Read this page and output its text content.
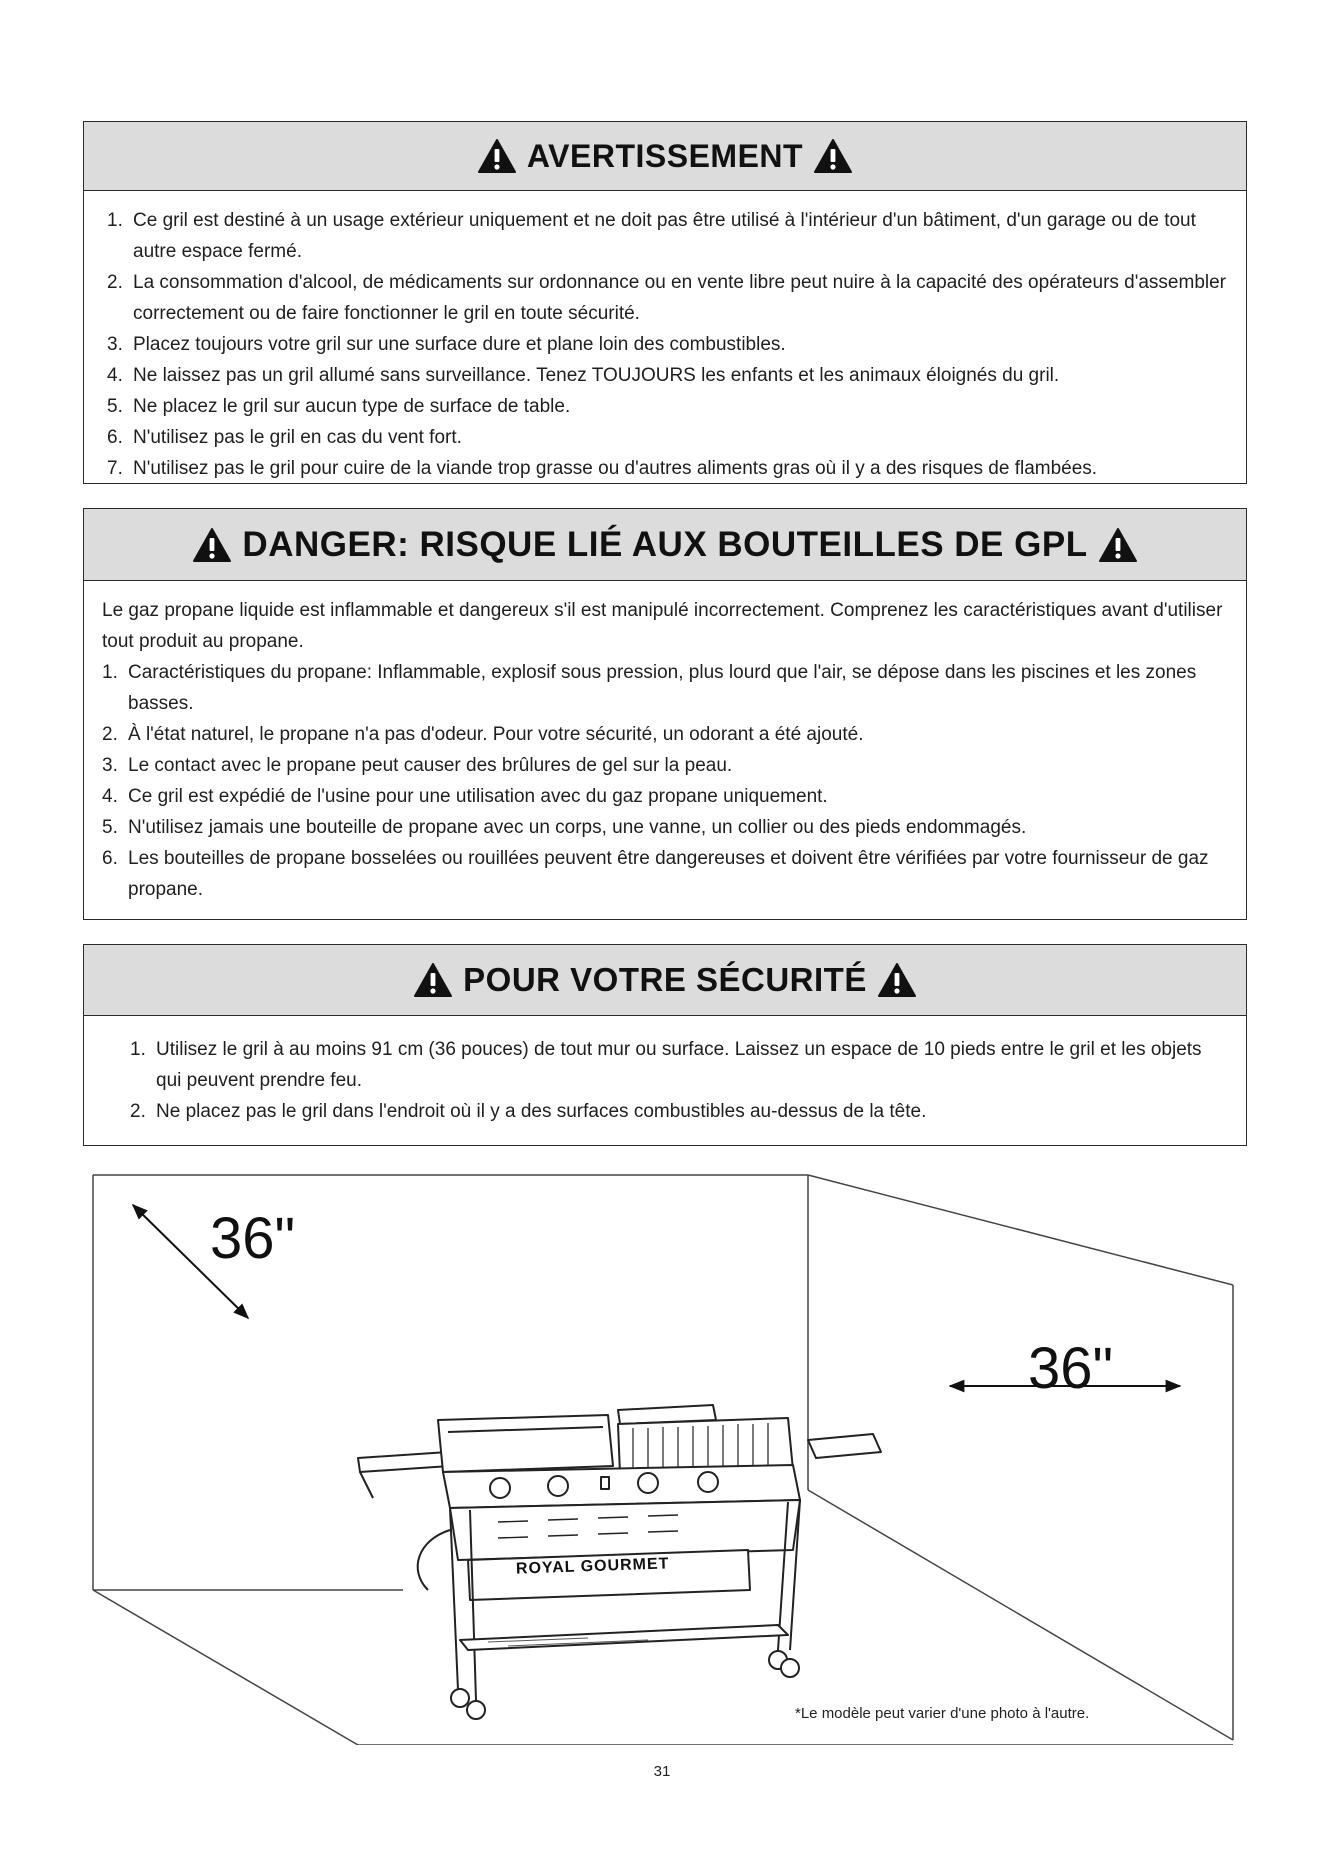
AVERTISSEMENT
1. Ce gril est destiné à un usage extérieur uniquement et ne doit pas être utilisé à l'intérieur d'un bâtiment, d'un garage ou de tout autre espace fermé.
2. La consommation d'alcool, de médicaments sur ordonnance ou en vente libre peut nuire à la capacité des opérateurs d'assembler correctement ou de faire fonctionner le gril en toute sécurité.
3. Placez toujours votre gril sur une surface dure et plane loin des combustibles.
4. Ne laissez pas un gril allumé sans surveillance. Tenez TOUJOURS les enfants et les animaux éloignés du gril.
5. Ne placez le gril sur aucun type de surface de table.
6. N'utilisez pas le gril en cas du vent fort.
7. N'utilisez pas le gril pour cuire de la viande trop grasse ou d'autres aliments gras où il y a des risques de flambées.
DANGER: RISQUE LIÉ AUX BOUTEILLES DE GPL

Le gaz propane liquide est inflammable et dangereux s'il est manipulé incorrectement. Comprenez les caractéristiques avant d'utiliser tout produit au propane.

1. Caractéristiques du propane: Inflammable, explosif sous pression, plus lourd que l'air, se dépose dans les piscines et les zones basses.
2. À l'état naturel, le propane n'a pas d'odeur. Pour votre sécurité, un odorant a été ajouté.
3. Le contact avec le propane peut causer des brûlures de gel sur la peau.
4. Ce gril est expédié de l'usine pour une utilisation avec du gaz propane uniquement.
5. N'utilisez jamais une bouteille de propane avec un corps, une vanne, un collier ou des pieds endommagés.
6. Les bouteilles de propane bosselées ou rouillées peuvent être dangereuses et doivent être vérifiées par votre fournisseur de gaz propane.
POUR VOTRE SÉCURITÉ
1. Utilisez le gril à au moins 91 cm (36 pouces) de tout mur ou surface. Laissez un espace de 10 pieds entre le gril et les objets qui peuvent prendre feu.
2. Ne placez pas le gril dans l'endroit où il y a des surfaces combustibles au-dessus de la tête.
ROYAL GOURMET
36"
36"
*Le modèle peut varier d'une photo à l'autre.
31
